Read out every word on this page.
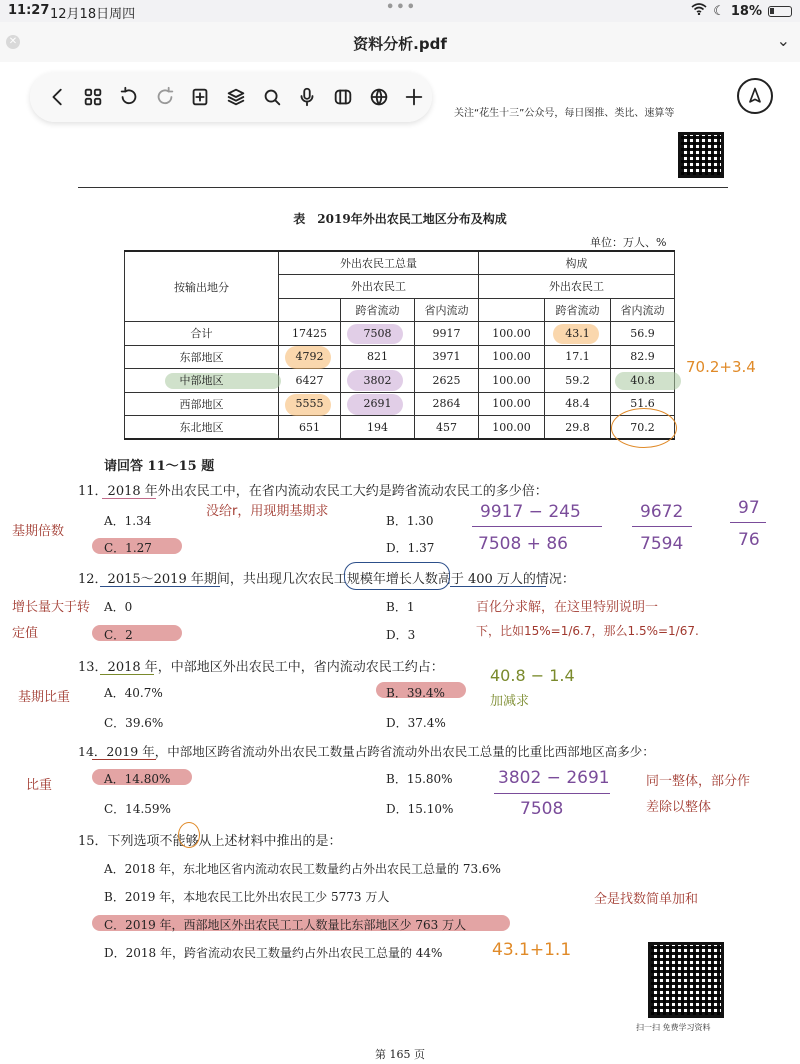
11:27 12月18日周四	•••	☾ 18%
✕	资料分析.pdf	⌄
关注“花生十三”公众号，每日图推、类比、速算等
表　2019年外出农民工地区分布及构成
单位：万人、%
按输出地分	外出农民工总量			构成		
	外出农民工			外出农民工		
		跨省流动	省内流动		跨省流动	省内流动
合计	17425	7508	9917	100.00	43.1	56.9
东部地区	4792	821	3971	100.00	17.1	82.9

中部地区	6427	3802	2625	100.00	59.2	40.8
西部地区	5555	2691	2864	100.00	48.4	51.6
东北地区	651	194	457	100.00	29.8	70.2
70.2+3.4
请回答 11～15 题
11．2018 年外出农民工中，在省内流动农民工大约是跨省流动农民工的多少倍：
没给r，用现期基期求
基期倍数
A．1.34	B．1.30
C．1.27	D．1.37
9917 − 245
7508 + 86
9672
7594
97
76
12．2015～2019 年期间，共出现几次农民工规模年增长人数高于 400 万人的情况：
增长量大于转
定值
A．0	B．1
C．2	D．3
百化分求解，在这里特别说明一
下，比如15%=1/6.7，那么1.5%=1/67.
13．2018 年，中部地区外出农民工中，省内流动农民工约占：
基期比重	A．40.7%	B．39.4%
C．39.6%	D．37.4%
40.8 − 1.4
加减求
14．2019 年，中部地区跨省流动外出农民工数量占跨省流动外出农民工总量的比重比西部地区高多少：
比重	A．14.80%	B．15.80%
C．14.59%	D．15.10%
3802 − 2691
7508
同一整体，部分作
差除以整体
15．下列选项不能够从上述材料中推出的是：
A．2018 年，东北地区省内流动农民工数量约占外出农民工总量的 73.6%
B．2019 年，本地农民工比外出农民工少 5773 万人
C．2019 年，西部地区外出农民工工人数量比东部地区少 763 万人
D．2018 年，跨省流动农民工数量约占外出农民工总量的 44%
全是找数简单加和
43.1+1.1
扫一扫 免费学习资料
第 165 页
